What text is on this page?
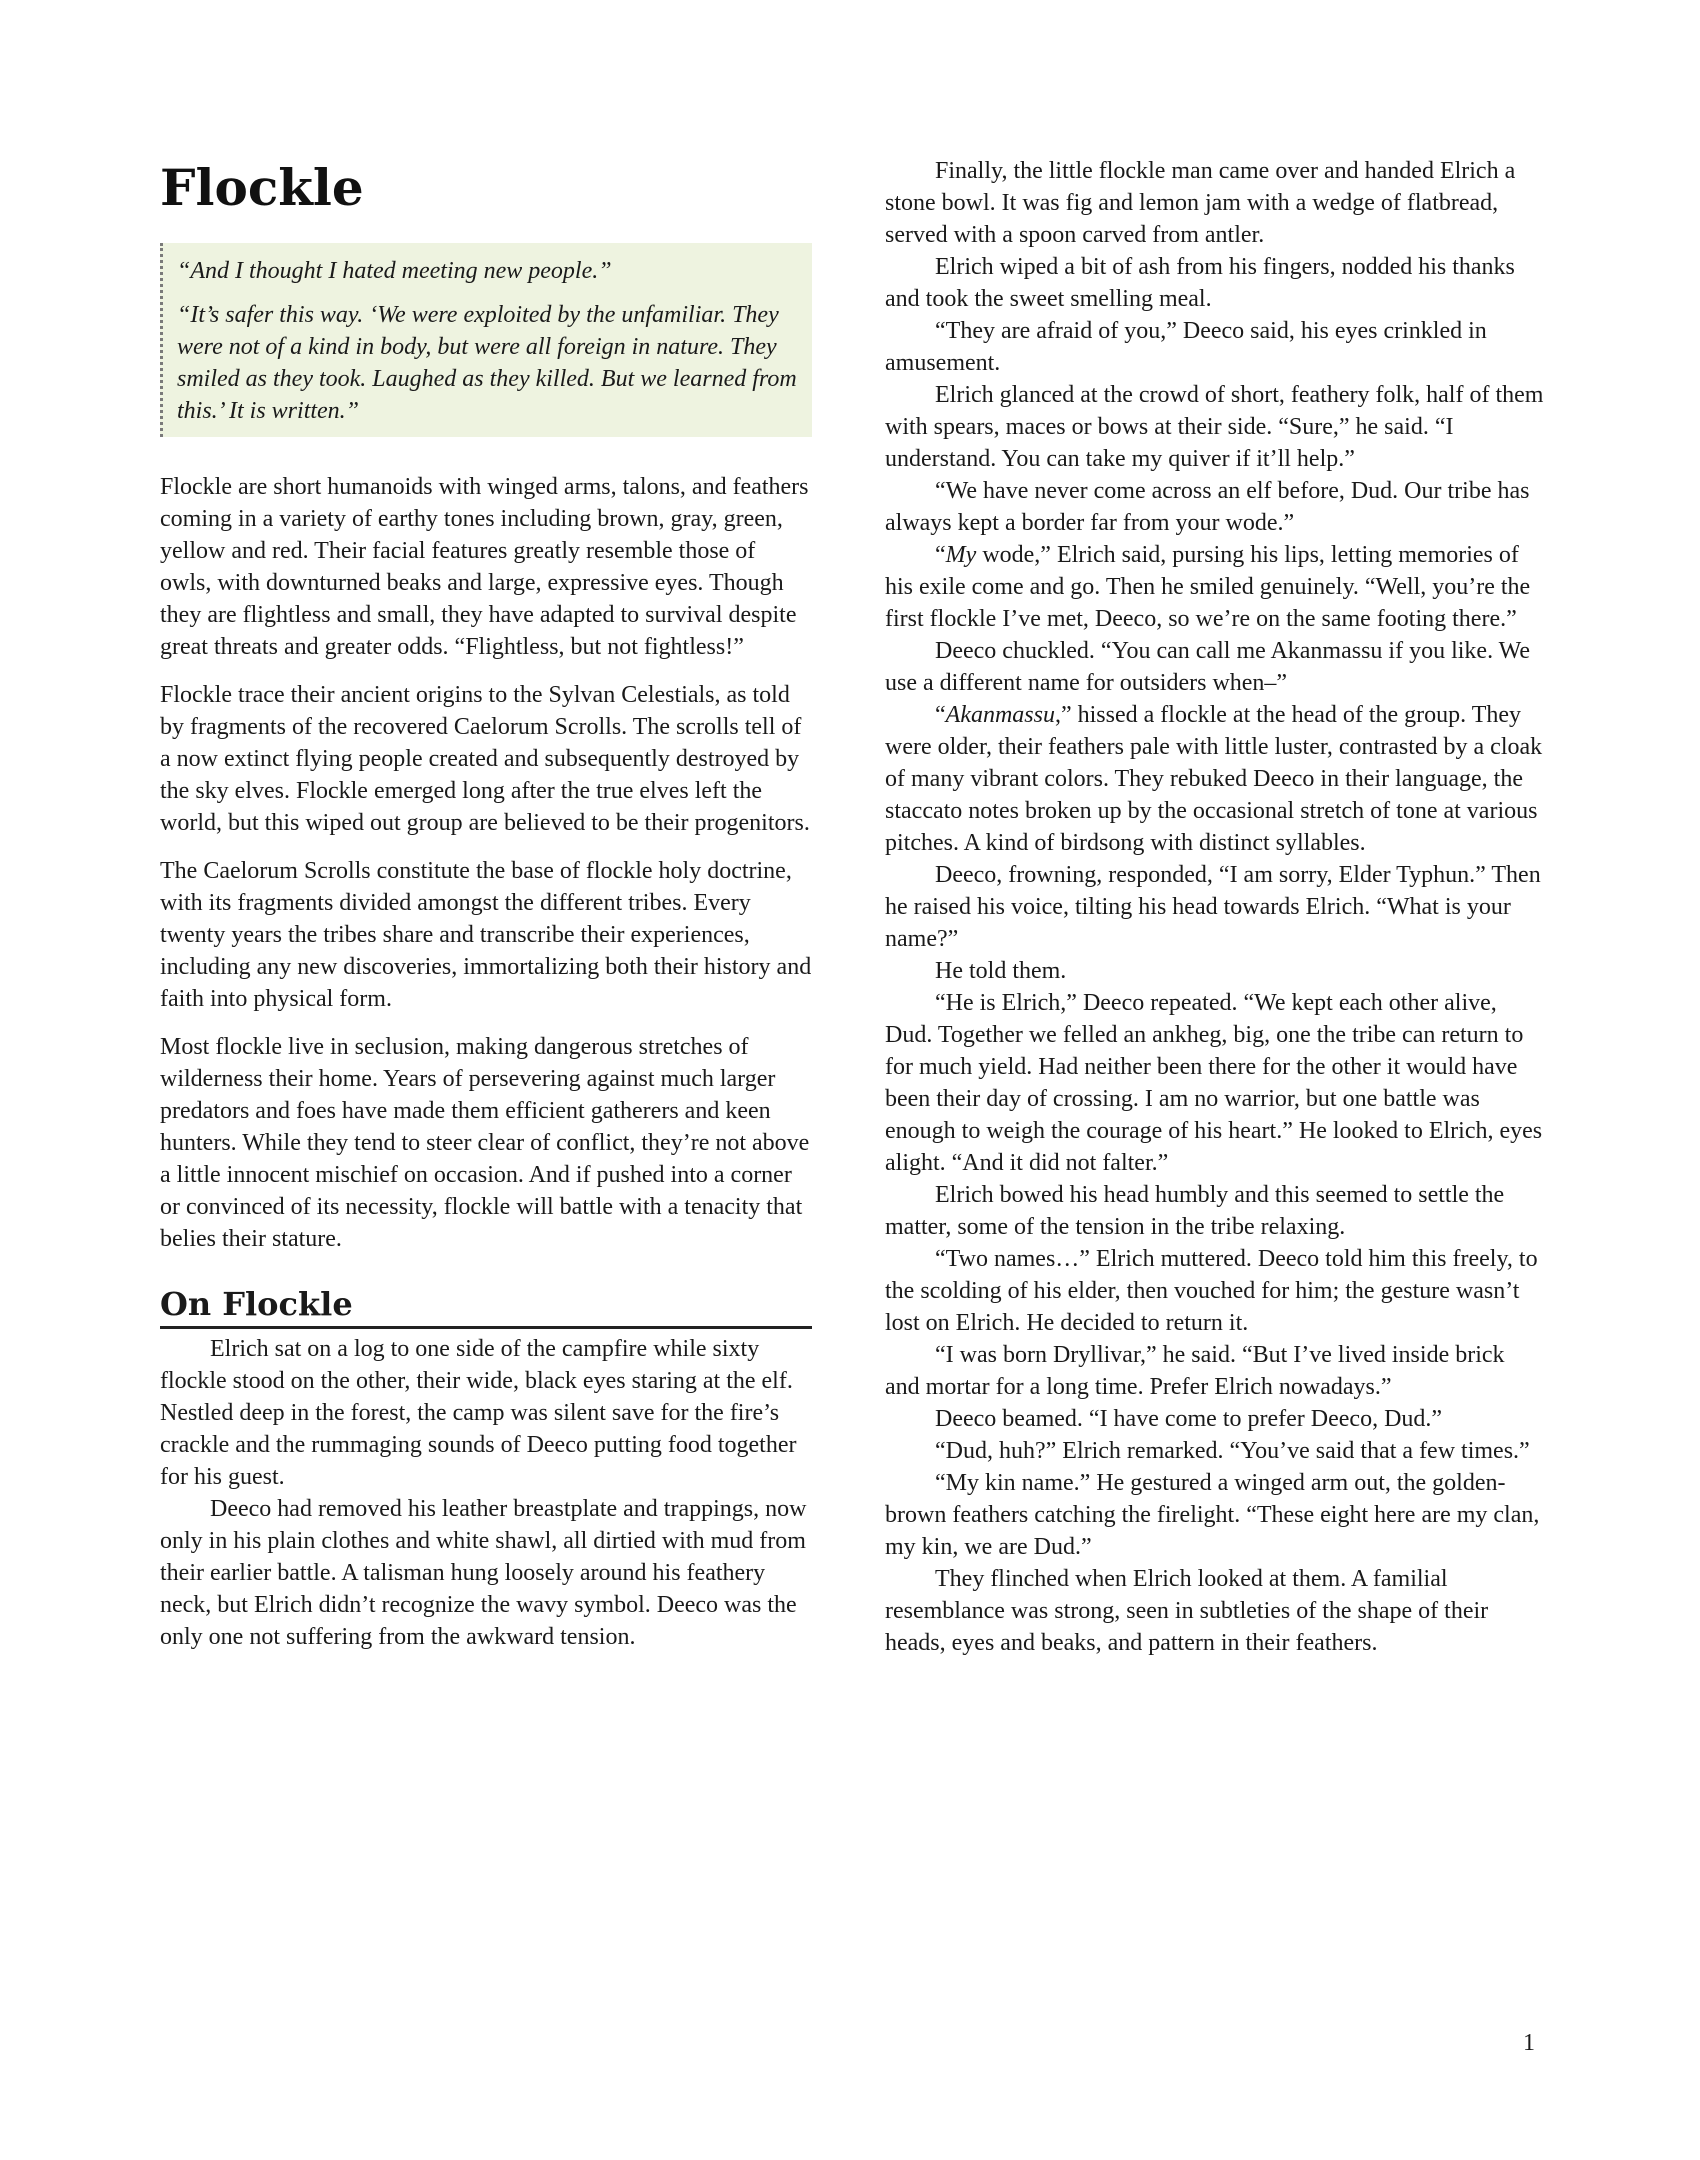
Flockle

“And I thought I hated meeting new people.”

“It’s safer this way. ‘We were exploited by the unfamiliar. They were not of a kind in body, but were all foreign in nature. They smiled as they took. Laughed as they killed. But we learned from this.’ It is written.”

Flockle are short humanoids with winged arms, talons, and feathers coming in a variety of earthy tones including brown, gray, green, yellow and red. Their facial features greatly resemble those of owls, with downturned beaks and large, expressive eyes. Though they are flightless and small, they have adapted to survival despite great threats and greater odds. “Flightless, but not fightless!”

Flockle trace their ancient origins to the Sylvan Celestials, as told by fragments of the recovered Caelorum Scrolls. The scrolls tell of a now extinct flying people created and subsequently destroyed by the sky elves. Flockle emerged long after the true elves left the world, but this wiped out group are believed to be their progenitors.

The Caelorum Scrolls constitute the base of flockle holy doctrine, with its fragments divided amongst the different tribes. Every twenty years the tribes share and transcribe their experiences, including any new discoveries, immortalizing both their history and faith into physical form.

Most flockle live in seclusion, making dangerous stretches of wilderness their home. Years of persevering against much larger predators and foes have made them efficient gatherers and keen hunters. While they tend to steer clear of conflict, they’re not above a little innocent mischief on occasion. And if pushed into a corner or convinced of its necessity, flockle will battle with a tenacity that belies their stature.

On Flockle

Elrich sat on a log to one side of the campfire while sixty flockle stood on the other, their wide, black eyes staring at the elf. Nestled deep in the forest, the camp was silent save for the fire’s crackle and the rummaging sounds of Deeco putting food together for his guest.

Deeco had removed his leather breastplate and trappings, now only in his plain clothes and white shawl, all dirtied with mud from their earlier battle. A talisman hung loosely around his feathery neck, but Elrich didn’t recognize the wavy symbol. Deeco was the only one not suffering from the awkward tension.

Finally, the little flockle man came over and handed Elrich a stone bowl. It was fig and lemon jam with a wedge of flatbread, served with a spoon carved from antler.

Elrich wiped a bit of ash from his fingers, nodded his thanks and took the sweet smelling meal.

“They are afraid of you,” Deeco said, his eyes crinkled in amusement.

Elrich glanced at the crowd of short, feathery folk, half of them with spears, maces or bows at their side. “Sure,” he said. “I understand. You can take my quiver if it’ll help.”

“We have never come across an elf before, Dud. Our tribe has always kept a border far from your wode.”

“My wode,” Elrich said, pursing his lips, letting memories of his exile come and go. Then he smiled genuinely. “Well, you’re the first flockle I’ve met, Deeco, so we’re on the same footing there.”

Deeco chuckled. “You can call me Akanmassu if you like. We use a different name for outsiders when–”

“Akanmassu,” hissed a flockle at the head of the group. They were older, their feathers pale with little luster, contrasted by a cloak of many vibrant colors. They rebuked Deeco in their language, the staccato notes broken up by the occasional stretch of tone at various pitches. A kind of birdsong with distinct syllables.

Deeco, frowning, responded, “I am sorry, Elder Typhun.” Then he raised his voice, tilting his head towards Elrich. “What is your name?”

He told them.

“He is Elrich,” Deeco repeated. “We kept each other alive, Dud. Together we felled an ankheg, big, one the tribe can return to for much yield. Had neither been there for the other it would have been their day of crossing. I am no warrior, but one battle was enough to weigh the courage of his heart.” He looked to Elrich, eyes alight. “And it did not falter.”

Elrich bowed his head humbly and this seemed to settle the matter, some of the tension in the tribe relaxing.

“Two names…” Elrich muttered. Deeco told him this freely, to the scolding of his elder, then vouched for him; the gesture wasn’t lost on Elrich. He decided to return it.

“I was born Dryllivar,” he said. “But I’ve lived inside brick and mortar for a long time. Prefer Elrich nowadays.”

Deeco beamed. “I have come to prefer Deeco, Dud.”

“Dud, huh?” Elrich remarked. “You’ve said that a few times.”

“My kin name.” He gestured a winged arm out, the golden-brown feathers catching the firelight. “These eight here are my clan, my kin, we are Dud.”

They flinched when Elrich looked at them. A familial resemblance was strong, seen in subtleties of the shape of their heads, eyes and beaks, and pattern in their feathers.

1
